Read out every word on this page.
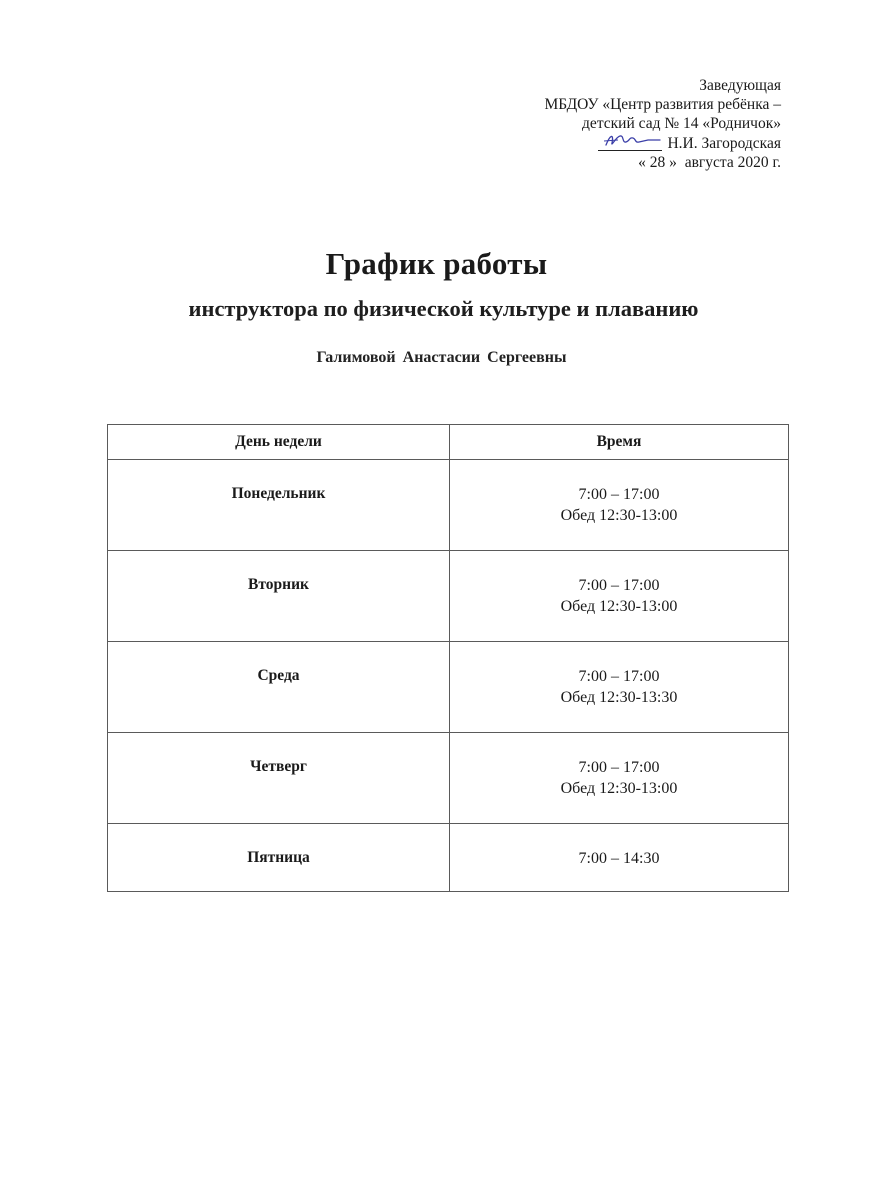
Заведующая
МБДОУ «Центр развития ребёнка –
детский сад № 14 «Родничок»
Н.И. Загородская
« 28 » августа 2020 г.
График работы
инструктора по физической культуре и плаванию
Галимовой Анастасии Сергеевны
День недели	Время
Понедельник	7:00 – 17:00
Обед 12:30-13:00

Вторник	7:00 – 17:00
Обед 12:30-13:00

Среда	7:00 – 17:00
Обед 12:30-13:30

Четверг	7:00 – 17:00
Обед 12:30-13:00

Пятница	7:00 – 14:30
